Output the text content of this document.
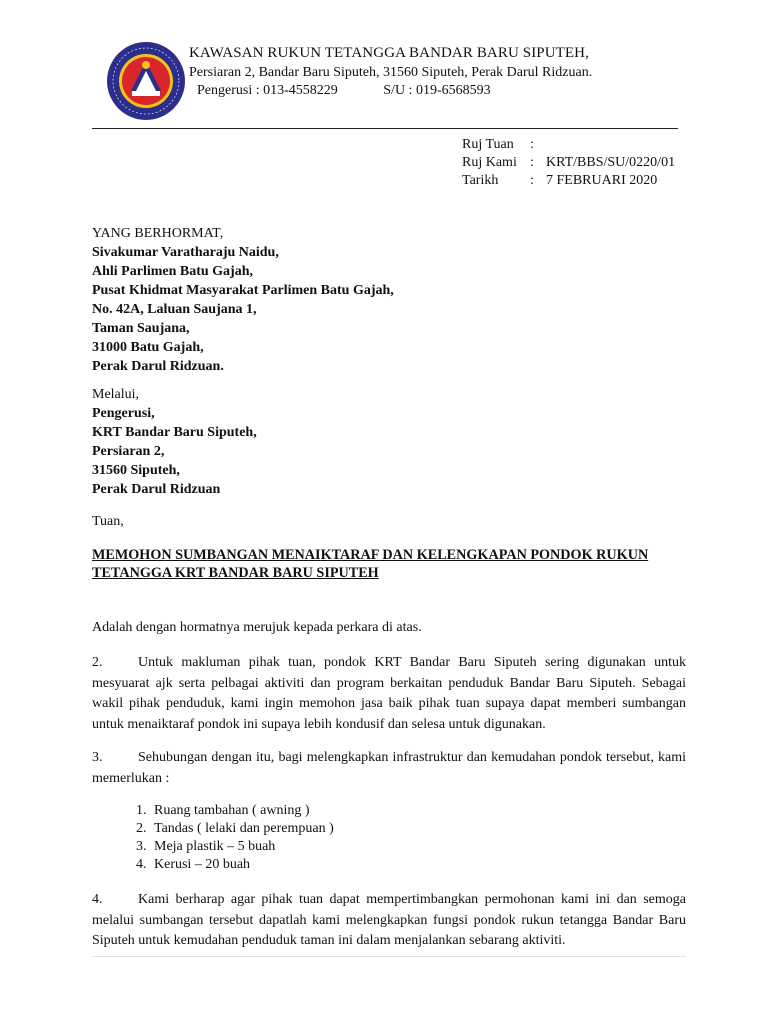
KAWASAN RUKUN TETANGGA BANDAR BARU SIPUTEH,
Persiaran 2, Bandar Baru Siputeh, 31560 Siputeh, Perak Darul Ridzuan.
Pengerusi : 013-4558229	S/U : 019-6568593
Ruj Tuan	:
Ruj Kami : KRT/BBS/SU/0220/01
Tarikh	: 7 FEBRUARI 2020
YANG BERHORMAT,
Sivakumar Varatharaju Naidu,
Ahli Parlimen Batu Gajah,
Pusat Khidmat Masyarakat Parlimen Batu Gajah,
No. 42A, Laluan Saujana 1,
Taman Saujana,
31000 Batu Gajah,
Perak Darul Ridzuan.
Melalui,
Pengerusi,
KRT Bandar Baru Siputeh,
Persiaran 2,
31560 Siputeh,
Perak Darul Ridzuan
Tuan,
MEMOHON SUMBANGAN MENAIKTARAF DAN KELENGKAPAN PONDOK RUKUN TETANGGA KRT BANDAR BARU SIPUTEH
Adalah dengan hormatnya merujuk kepada perkara di atas.
2.	Untuk makluman pihak tuan, pondok KRT Bandar Baru Siputeh sering digunakan untuk mesyuarat ajk serta pelbagai aktiviti dan program berkaitan penduduk Bandar Baru Siputeh. Sebagai wakil pihak penduduk, kami ingin memohon jasa baik pihak tuan supaya dapat memberi sumbangan untuk menaiktaraf pondok ini supaya lebih kondusif dan selesa untuk digunakan.
3.	Sehubungan dengan itu, bagi melengkapkan infrastruktur dan kemudahan pondok tersebut, kami memerlukan :
1. Ruang tambahan ( awning )
2. Tandas ( lelaki dan perempuan )
3. Meja plastik – 5 buah
4. Kerusi – 20 buah
4.	Kami berharap agar pihak tuan dapat mempertimbangkan permohonan kami ini dan semoga melalui sumbangan tersebut dapatlah kami melengkapkan fungsi pondok rukun tetangga Bandar Baru Siputeh untuk kemudahan penduduk taman ini dalam menjalankan sebarang aktiviti.
